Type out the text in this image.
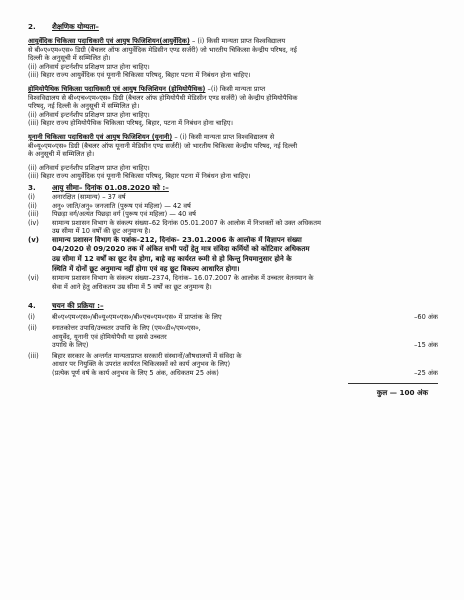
2.	शैक्षणिक योग्यता–
आयुर्वेदिक चिकित्सा पदाधिकारी एवं आयुष फिजिशियन(आयुर्वेदिक) – (i) किसी मान्यता प्राप्त विश्वविद्यालय
से बी०ए०एम०एस० डिग्री (बैचलर ऑफ आयुर्वेदिक मेडिसीन एण्ड सर्जरी) जो भारतीय चिकित्सा केन्द्रीय परिषद, नई
दिल्ली के अनुसूची में सम्मिलित हो।
(ii) अनिवार्य इन्टर्नशीप प्रशिक्षण प्राप्त होना चाहिए।
(iii) बिहार राज्य आयुर्वेदिक एवं यूनानी चिकित्सा परिषद्, बिहार पटना में निबंधन होना चाहिए।
होमियोपैथिक चिकित्सा पदाधिकारी एवं आयुष फिजिशियन (होमियोपैथिक) –(i) किसी मान्यता प्राप्त
विश्वविद्यालय से बी०एच०एम०एस० डिग्री (बैचलर ऑफ होमियोपैथी मेडिसीन एण्ड सर्जरी) जो केन्द्रीय होमियोपैथिक
परिषद्, नई दिल्ली के अनुसूची में सम्मिलित हो।
(ii) अनिवार्य इन्टर्नशीप प्रशिक्षण प्राप्त होना चाहिए।
(iii) बिहार राज्य होमियोपैथिक चिकित्सा परिषद्, बिहार, पटना में निबंधन होना चाहिए।
यूनानी चिकित्सा पदाधिकारी एवं आयुष फिजिशियन (यूनानी) – (i) किसी मान्यता प्राप्त विश्वविद्यालय से
बी०यू०एम०एस० डिग्री (बैचलर ऑफ यूनानी मेडिसीन एण्ड सर्जरी) जो भारतीय चिकित्सा केन्द्रीय परिषद, नई दिल्ली
के अनुसूची में सम्मिलित हो।
(ii) अनिवार्य इन्टर्नशीप प्रशिक्षण प्राप्त होना चाहिए।
(iii) बिहार राज्य आयुर्वेदिक एवं यूनानी चिकित्सा परिषद्, बिहार पटना में निबंधन होना चाहिए।
3.	आयु सीमा– दिनांक 01.08.2020 को :–
(i)	अनारक्षित (सामान्य) – 37 वर्ष
(ii)	अनु० जाति/अनु० जनजाति (पुरूष एवं महिला) — 42 वर्ष
(iii)	पिछड़ा वर्ग/अत्यंत पिछड़ा वर्ग (पुरूष एवं महिला) — 40 वर्ष
(iv)	सामान्य प्रशासन विभाग के संकल्प संख्या–62 दिनांक 05.01.2007 के आलोक में निःशक्तों को उक्त अधिकतम
उम्र सीमा में 10 वर्षों की छूट अनुमान्य है।
(v)	सामान्य प्रशासन विभाग के पत्रांक–212, दिनांक– 23.01.2006 के आलोक में विज्ञापन संख्या
04/2020 से 09/2020 तक में अंकित सभी पदों हेतु मात्र संविदा कर्मियों को कोटिवार अधिकतम
उम्र सीमा में 12 वर्षों का छूट देय होगा, बाहे वह कार्यरत रूमी से हो किन्तु नियमानुसार होने के
स्थिति में दोनों छूट अनुमान्य नहीं होगा एवं वह छूट विकल्प आधारित होगा।
(vi)	सामान्य प्रशासन विभाग के संकल्प संख्या–2374, दिनांक– 16.07.2007 के आलोक में उच्चतर वेतनमान के
सेवा में आने हेतु अधिकतम उम्र सीमा में 5 वर्षों का छूट अनुमान्य है।
4.	चयन की प्रक्रिया :–
(i)	बी०ए०एम०एस०/बी०यू०एम०एस०/बी०एच०एम०एस० में प्राप्तांक के लिए	–60 अंक
(ii)	स्नातकोत्तर उपाधि/उच्चतर उपाधि के लिए (एम०डी०/एम०एस०,
आयुर्वेद, यूनानी एवं होमियोपैथी या इससे उच्चतर
उपाधि के लिए)	–15 अंक
(iii)	बिहार सरकार के अन्तर्गत मान्यताप्राप्त सरकारी संस्थानों/औषधालयों में संविदा के
आधार पर नियुक्ति के उपरांत कार्यरत चिकित्सकों को कार्य अनुभव के लिए)
(प्रत्येक पूर्ण वर्ष के कार्य अनुभव के लिए 5 अंक, अधिकतम 25 अंक)	–25 अंक
कुल — 100 अंक
